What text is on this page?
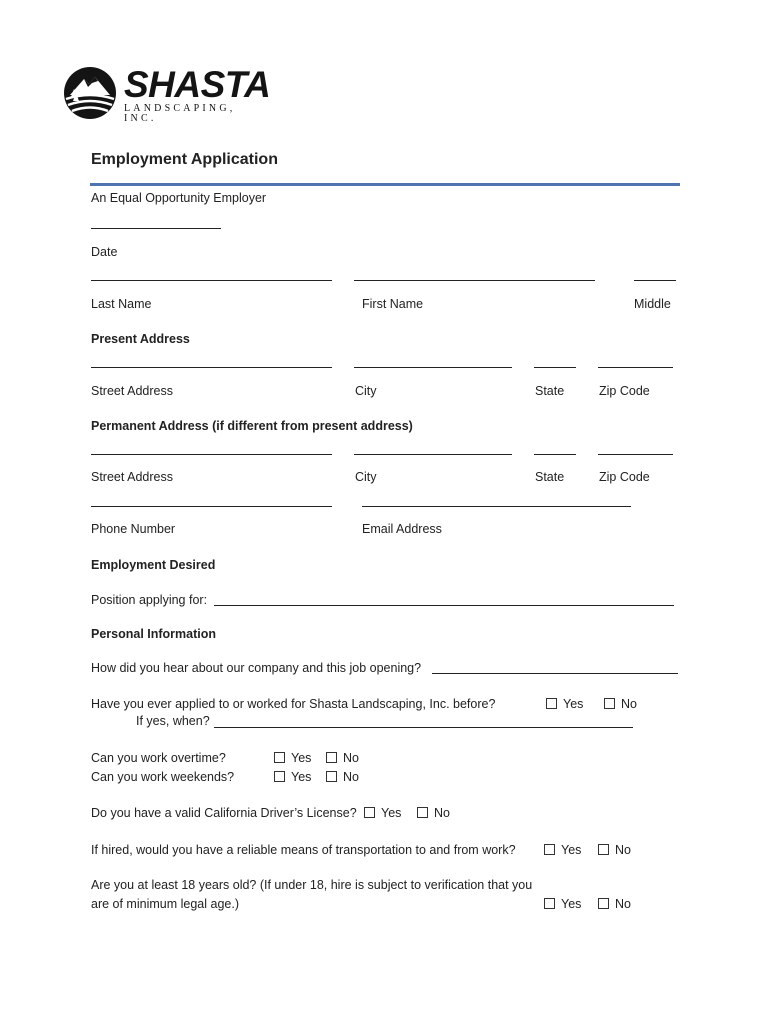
SHASTA
LANDSCAPING, INC.
Employment Application
An Equal Opportunity Employer
Date
Last Name	First Name	Middle
Present Address
Street Address	City	State	Zip Code
Permanent Address (if different from present address)
Street Address	City	State	Zip Code
Phone Number	Email Address
Employment Desired
Position applying for:
Personal Information
How did you hear about our company and this job opening?
Have you ever applied to or worked for Shasta Landscaping, Inc. before?	Yes	No
If yes, when?
Can you work overtime?	Yes	No
Can you work weekends?	Yes	No
Do you have a valid California Driver’s License?	Yes	No
If hired, would you have a reliable means of transportation to and from work?	Yes	No
Are you at least 18 years old? (If under 18, hire is subject to verification that you
are of minimum legal age.)	Yes	No
